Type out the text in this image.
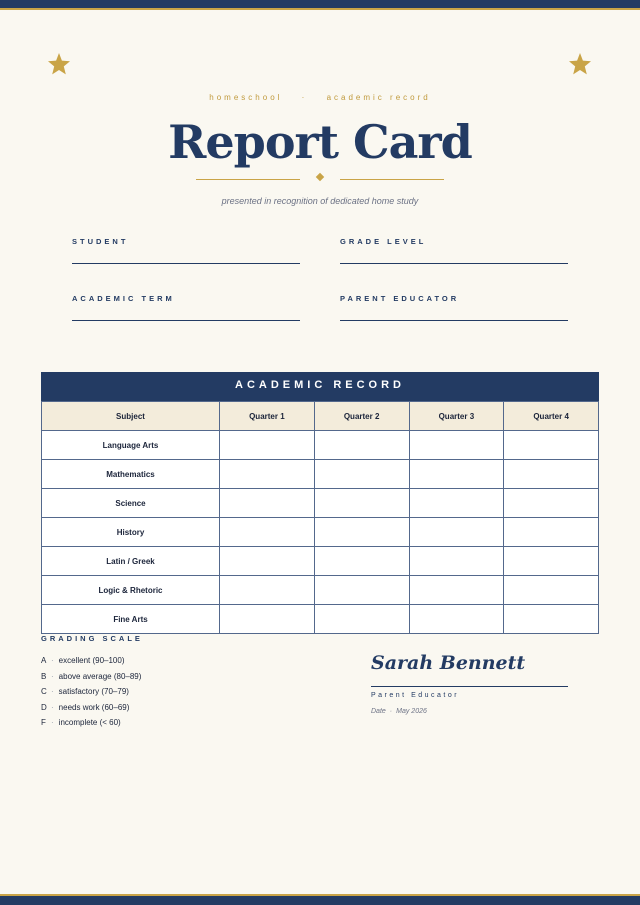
homeschool · academic record
Report Card
presented in recognition of dedicated home study
STUDENT	GRADE LEVEL
ACADEMIC TERM	PARENT EDUCATOR
ACADEMIC RECORD
Subject	Quarter 1	Quarter 2	Quarter 3	Quarter 4
Language Arts				
Mathematics				
Science				
History				
Latin / Greek				
Logic & Rhetoric				
Fine Arts				
GRADING SCALE
A · excellent (90–100)
B · above average (80–89)
C · satisfactory (70–79)
D · needs work (60–69)
F · incomplete (< 60)
Sarah Bennett
Parent Educator
Date · May 2026
